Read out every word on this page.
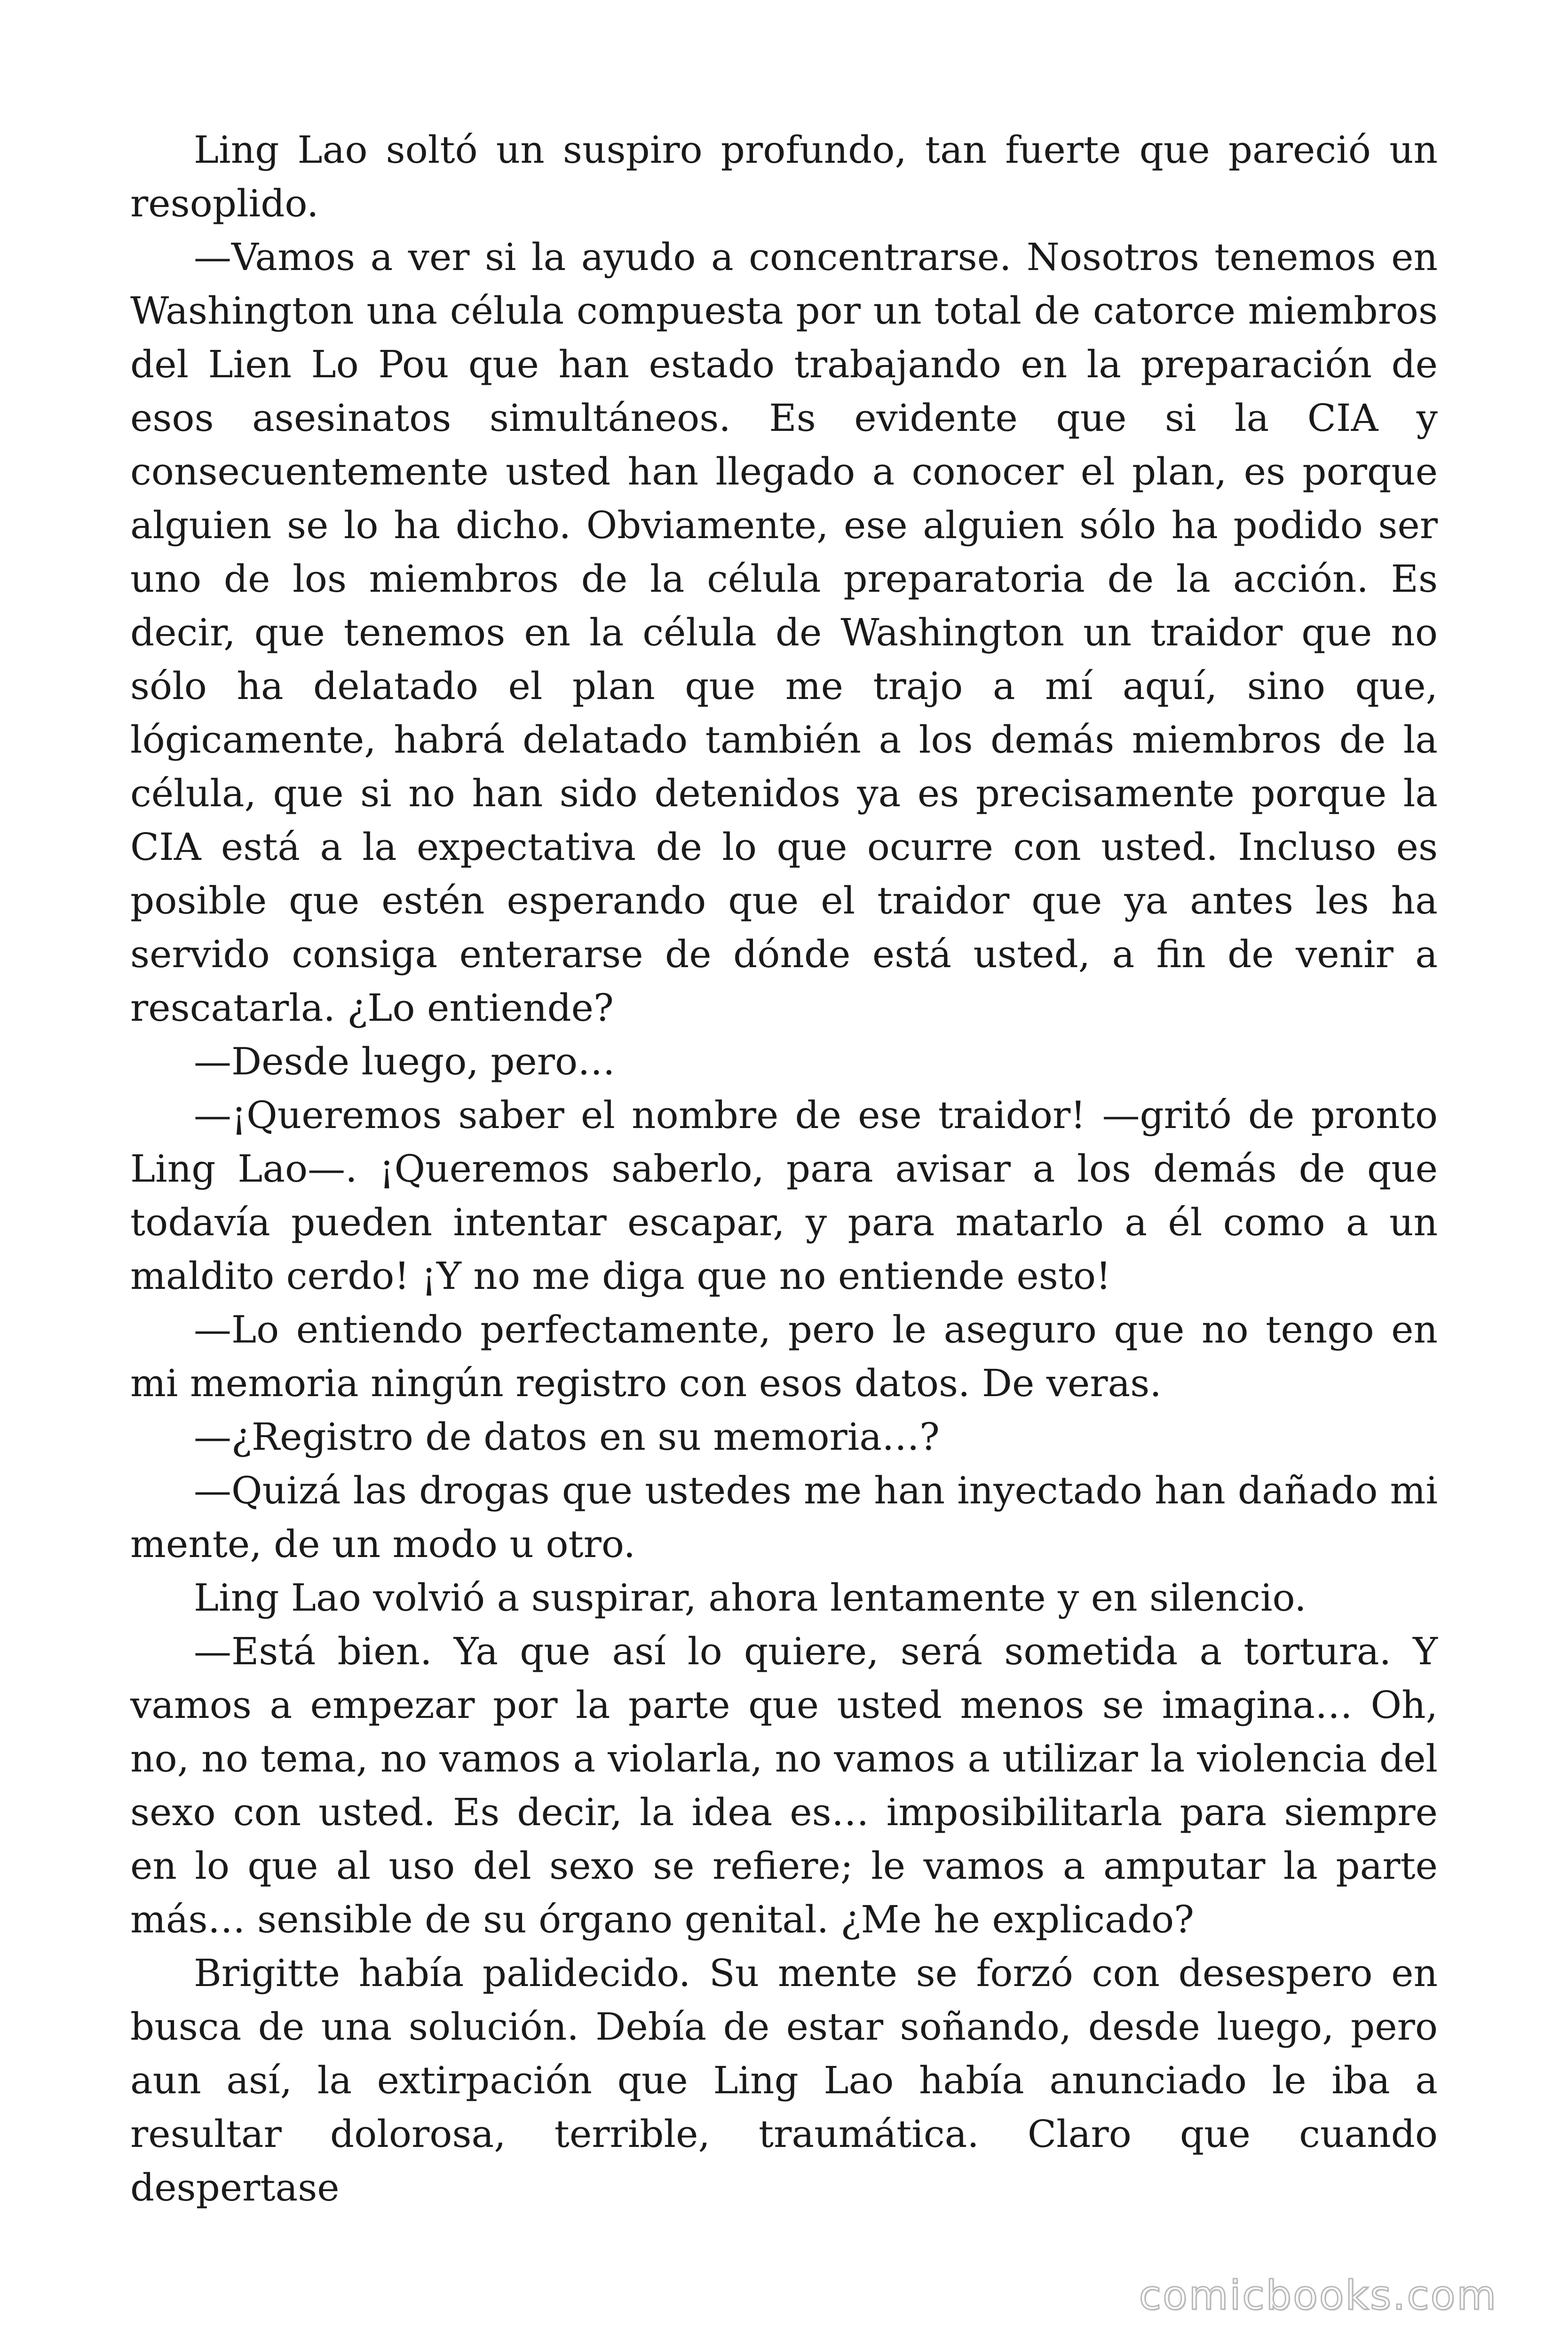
Ling Lao soltó un suspiro profundo, tan fuerte que pareció un resoplido.

—Vamos a ver si la ayudo a concentrarse. Nosotros tenemos en Washington una célula compuesta por un total de catorce miembros del Lien Lo Pou que han estado trabajando en la preparación de esos asesinatos simultáneos. Es evidente que si la CIA y consecuentemente usted han llegado a conocer el plan, es porque alguien se lo ha dicho. Obviamente, ese alguien sólo ha podido ser uno de los miembros de la célula preparatoria de la acción. Es decir, que tenemos en la célula de Washington un traidor que no sólo ha delatado el plan que me trajo a mí aquí, sino que, lógicamente, habrá delatado también a los demás miembros de la célula, que si no han sido detenidos ya es precisamente porque la CIA está a la expectativa de lo que ocurre con usted. Incluso es posible que estén esperando que el traidor que ya antes les ha servido consiga enterarse de dónde está usted, a fin de venir a rescatarla. ¿Lo entiende?

—Desde luego, pero…

—¡Queremos saber el nombre de ese traidor! —gritó de pronto Ling Lao—. ¡Queremos saberlo, para avisar a los demás de que todavía pueden intentar escapar, y para matarlo a él como a un maldito cerdo! ¡Y no me diga que no entiende esto!

—Lo entiendo perfectamente, pero le aseguro que no tengo en mi memoria ningún registro con esos datos. De veras.

—¿Registro de datos en su memoria…?

—Quizá las drogas que ustedes me han inyectado han dañado mi mente, de un modo u otro.

Ling Lao volvió a suspirar, ahora lentamente y en silencio.

—Está bien. Ya que así lo quiere, será sometida a tortura. Y vamos a empezar por la parte que usted menos se imagina… Oh, no, no tema, no vamos a violarla, no vamos a utilizar la violencia del sexo con usted. Es decir, la idea es… imposibilitarla para siempre en lo que al uso del sexo se refiere; le vamos a amputar la parte más… sensible de su órgano genital. ¿Me he explicado?

Brigitte había palidecido. Su mente se forzó con desespero en busca de una solución. Debía de estar soñando, desde luego, pero aun así, la extirpación que Ling Lao había anunciado le iba a resultar dolorosa, terrible, traumática. Claro que cuando despertase

comicbooks.com
